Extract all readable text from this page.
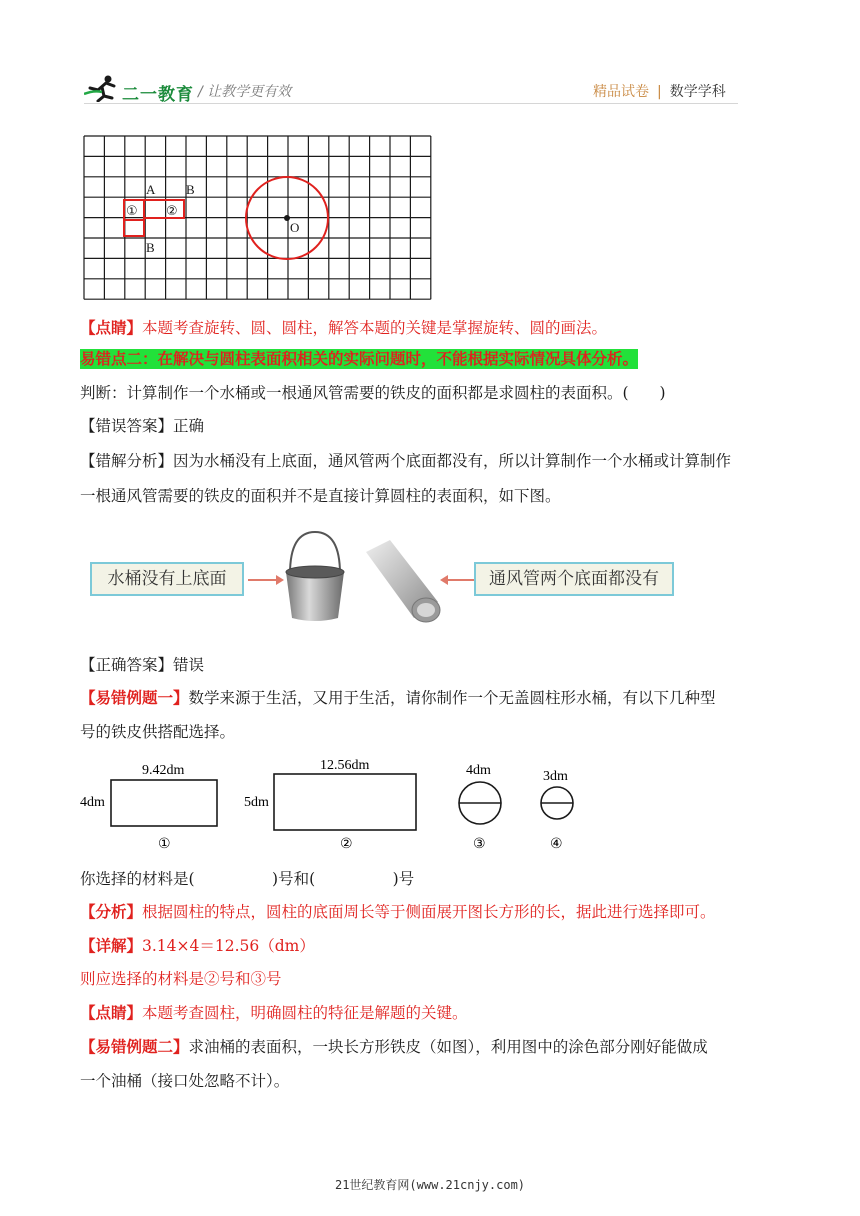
二一教育 / 让教学更有效	精品试卷 | 数学学科
A B
B
① ②
O
【点睛】本题考查旋转、圆、圆柱，解答本题的关键是掌握旋转、圆的画法。
易错点二：在解决与圆柱表面积相关的实际问题时，不能根据实际情况具体分析。
判断：计算制作一个水桶或一根通风管需要的铁皮的面积都是求圆柱的表面积。(　　)
【错误答案】正确
【错解分析】因为水桶没有上底面，通风管两个底面都没有，所以计算制作一个水桶或计算制作
一根通风管需要的铁皮的面积并不是直接计算圆柱的表面积，如下图。
水桶没有上底面	通风管两个底面都没有
【正确答案】错误
【易错例题一】数学来源于生活，又用于生活，请你制作一个无盖圆柱形水桶，有以下几种型
号的铁皮供搭配选择。
9.42dm
4dm
①
12.56dm
5dm
②
4dm
③
3dm
④
你选择的材料是(　　　　　)号和(　　　　　)号
【分析】根据圆柱的特点，圆柱的底面周长等于侧面展开图长方形的长，据此进行选择即可。
【详解】3.14×4＝12.56（dm）
则应选择的材料是②号和③号
【点睛】本题考查圆柱，明确圆柱的特征是解题的关键。
【易错例题二】求油桶的表面积，一块长方形铁皮（如图），利用图中的涂色部分刚好能做成
一个油桶（接口处忽略不计）。
21世纪教育网(www.21cnjy.com)
